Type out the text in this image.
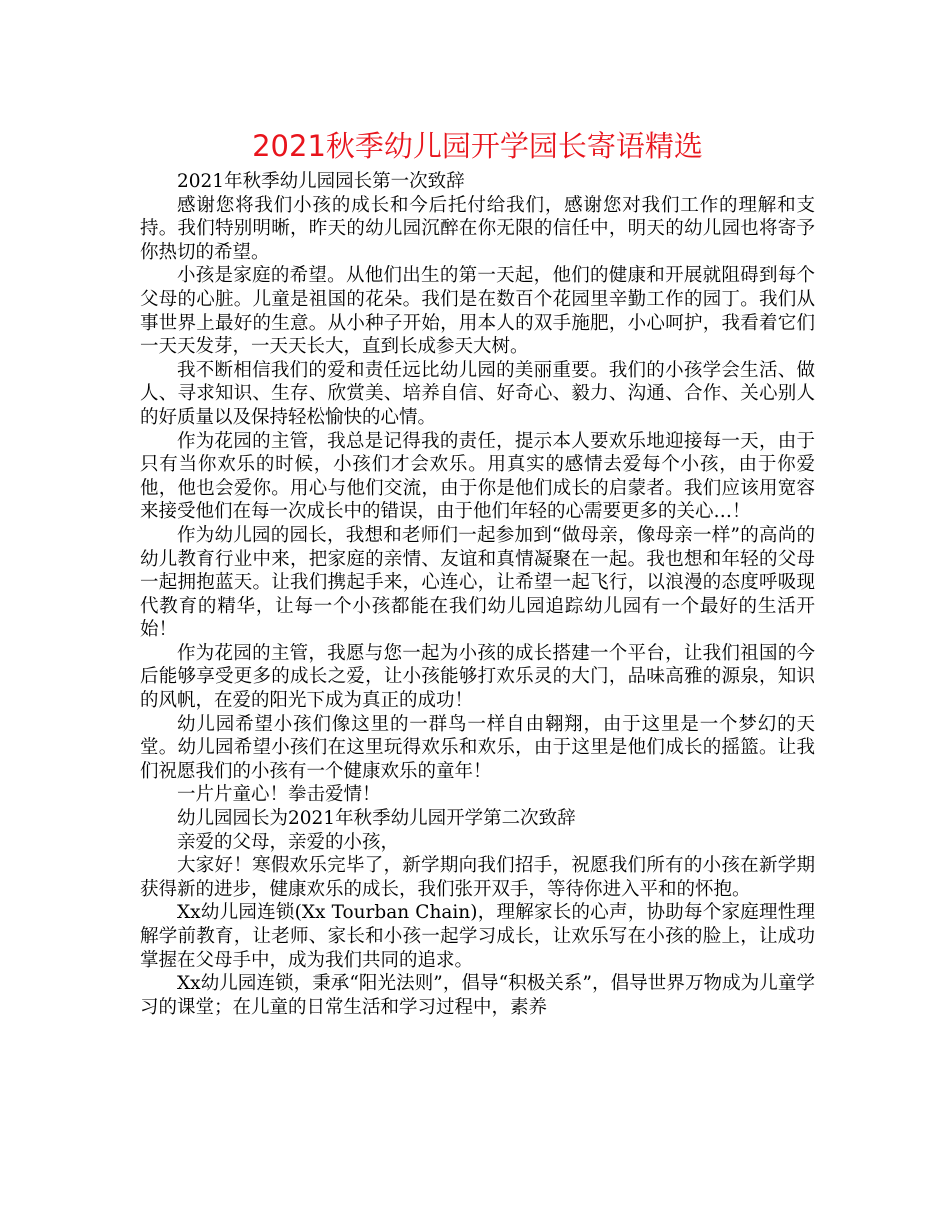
2021秋季幼儿园开学园长寄语精选

2021年秋季幼儿园园长第一次致辞

感谢您将我们小孩的成长和今后托付给我们，感谢您对我们工作的理解和支持。我们特别明晰，昨天的幼儿园沉醉在你无限的信任中，明天的幼儿园也将寄予你热切的希望。

小孩是家庭的希望。从他们出生的第一天起，他们的健康和开展就阻碍到每个父母的心脏。儿童是祖国的花朵。我们是在数百个花园里辛勤工作的园丁。我们从事世界上最好的生意。从小种子开始，用本人的双手施肥，小心呵护，我看着它们一天天发芽，一天天长大，直到长成参天大树。

我不断相信我们的爱和责任远比幼儿园的美丽重要。我们的小孩学会生活、做人、寻求知识、生存、欣赏美、培养自信、好奇心、毅力、沟通、合作、关心别人的好质量以及保持轻松愉快的心情。

作为花园的主管，我总是记得我的责任，提示本人要欢乐地迎接每一天，由于只有当你欢乐的时候，小孩们才会欢乐。用真实的感情去爱每个小孩，由于你爱他，他也会爱你。用心与他们交流，由于你是他们成长的启蒙者。我们应该用宽容来接受他们在每一次成长中的错误，由于他们年轻的心需要更多的关心…！

作为幼儿园的园长，我想和老师们一起参加到“做母亲，像母亲一样”的高尚的幼儿教育行业中来，把家庭的亲情、友谊和真情凝聚在一起。我也想和年轻的父母一起拥抱蓝天。让我们携起手来，心连心，让希望一起飞行，以浪漫的态度呼吸现代教育的精华，让每一个小孩都能在我们幼儿园追踪幼儿园有一个最好的生活开始！

作为花园的主管，我愿与您一起为小孩的成长搭建一个平台，让我们祖国的今后能够享受更多的成长之爱，让小孩能够打欢乐灵的大门，品味高雅的源泉，知识的风帆，在爱的阳光下成为真正的成功！

幼儿园希望小孩们像这里的一群鸟一样自由翱翔，由于这里是一个梦幻的天堂。幼儿园希望小孩们在这里玩得欢乐和欢乐，由于这里是他们成长的摇篮。让我们祝愿我们的小孩有一个健康欢乐的童年！

一片片童心！拳击爱情！

幼儿园园长为2021年秋季幼儿园开学第二次致辞

亲爱的父母，亲爱的小孩，

大家好！寒假欢乐完毕了，新学期向我们招手，祝愿我们所有的小孩在新学期获得新的进步，健康欢乐的成长，我们张开双手，等待你进入平和的怀抱。

Xx幼儿园连锁(Xx Tourban Chain)，理解家长的心声，协助每个家庭理性理解学前教育，让老师、家长和小孩一起学习成长，让欢乐写在小孩的脸上，让成功掌握在父母手中，成为我们共同的追求。

Xx幼儿园连锁，秉承“阳光法则”，倡导“积极关系”，倡导世界万物成为儿童学习的课堂；在儿童的日常生活和学习过程中，素养
